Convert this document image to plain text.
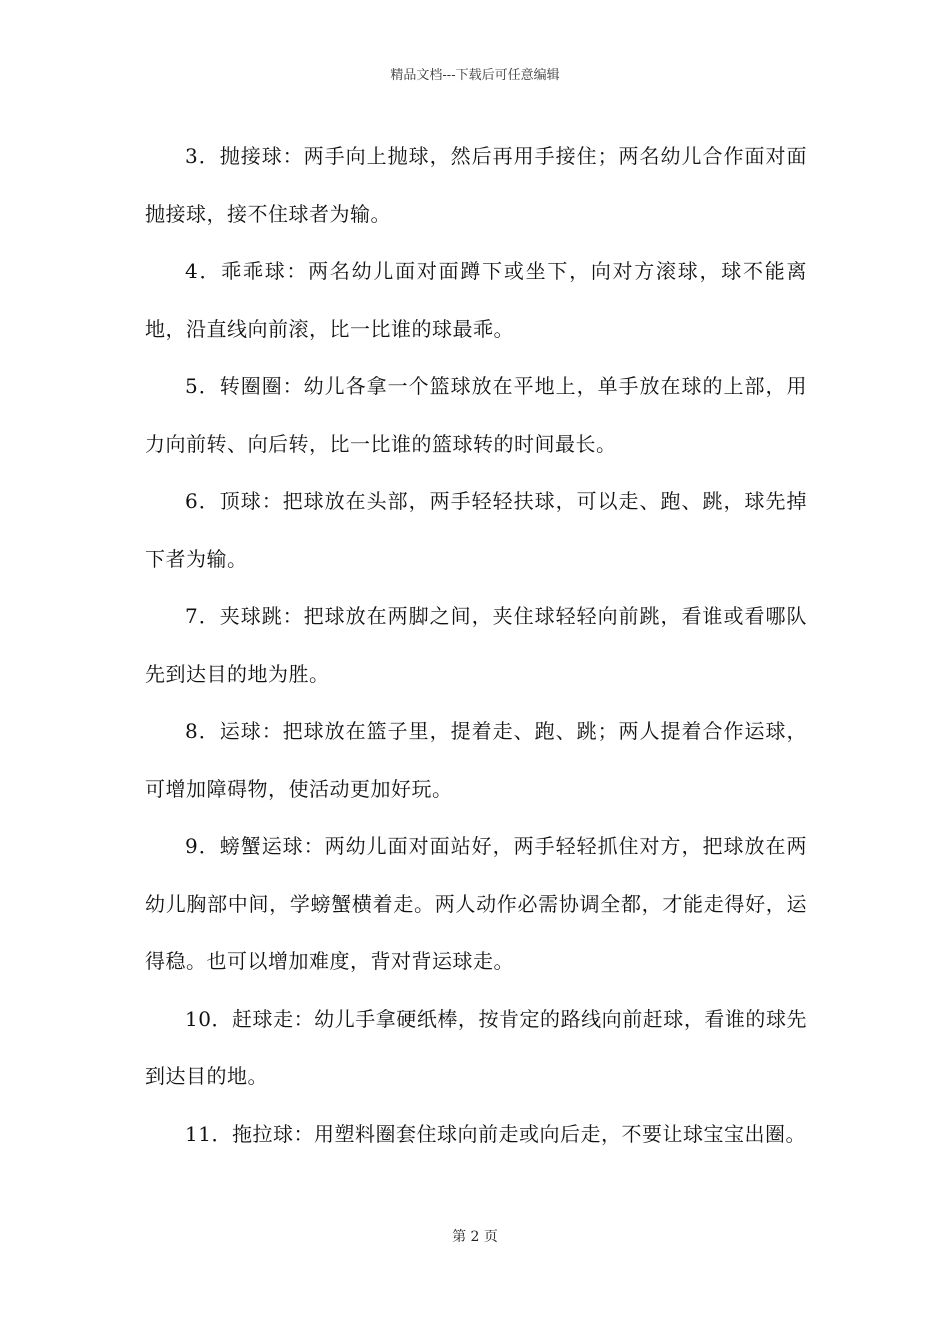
精品文档---下载后可任意编辑

3．抛接球：两手向上抛球，然后再用手接住；两名幼儿合作面对面抛接球，接不住球者为输。

4．乖乖球：两名幼儿面对面蹲下或坐下，向对方滚球，球不能离地，沿直线向前滚，比一比谁的球最乖。

5．转圈圈：幼儿各拿一个篮球放在平地上，单手放在球的上部，用力向前转、向后转，比一比谁的篮球转的时间最长。

6．顶球：把球放在头部，两手轻轻扶球，可以走、跑、跳，球先掉下者为输。

7．夹球跳：把球放在两脚之间，夹住球轻轻向前跳，看谁或看哪队先到达目的地为胜。

8．运球：把球放在篮子里，提着走、跑、跳；两人提着合作运球，可增加障碍物，使活动更加好玩。

9．螃蟹运球：两幼儿面对面站好，两手轻轻抓住对方，把球放在两幼儿胸部中间，学螃蟹横着走。两人动作必需协调全都，才能走得好，运得稳。也可以增加难度，背对背运球走。

10．赶球走：幼儿手拿硬纸棒，按肯定的路线向前赶球，看谁的球先到达目的地。

11．拖拉球：用塑料圈套住球向前走或向后走，不要让球宝宝出圈。

第 2 页
